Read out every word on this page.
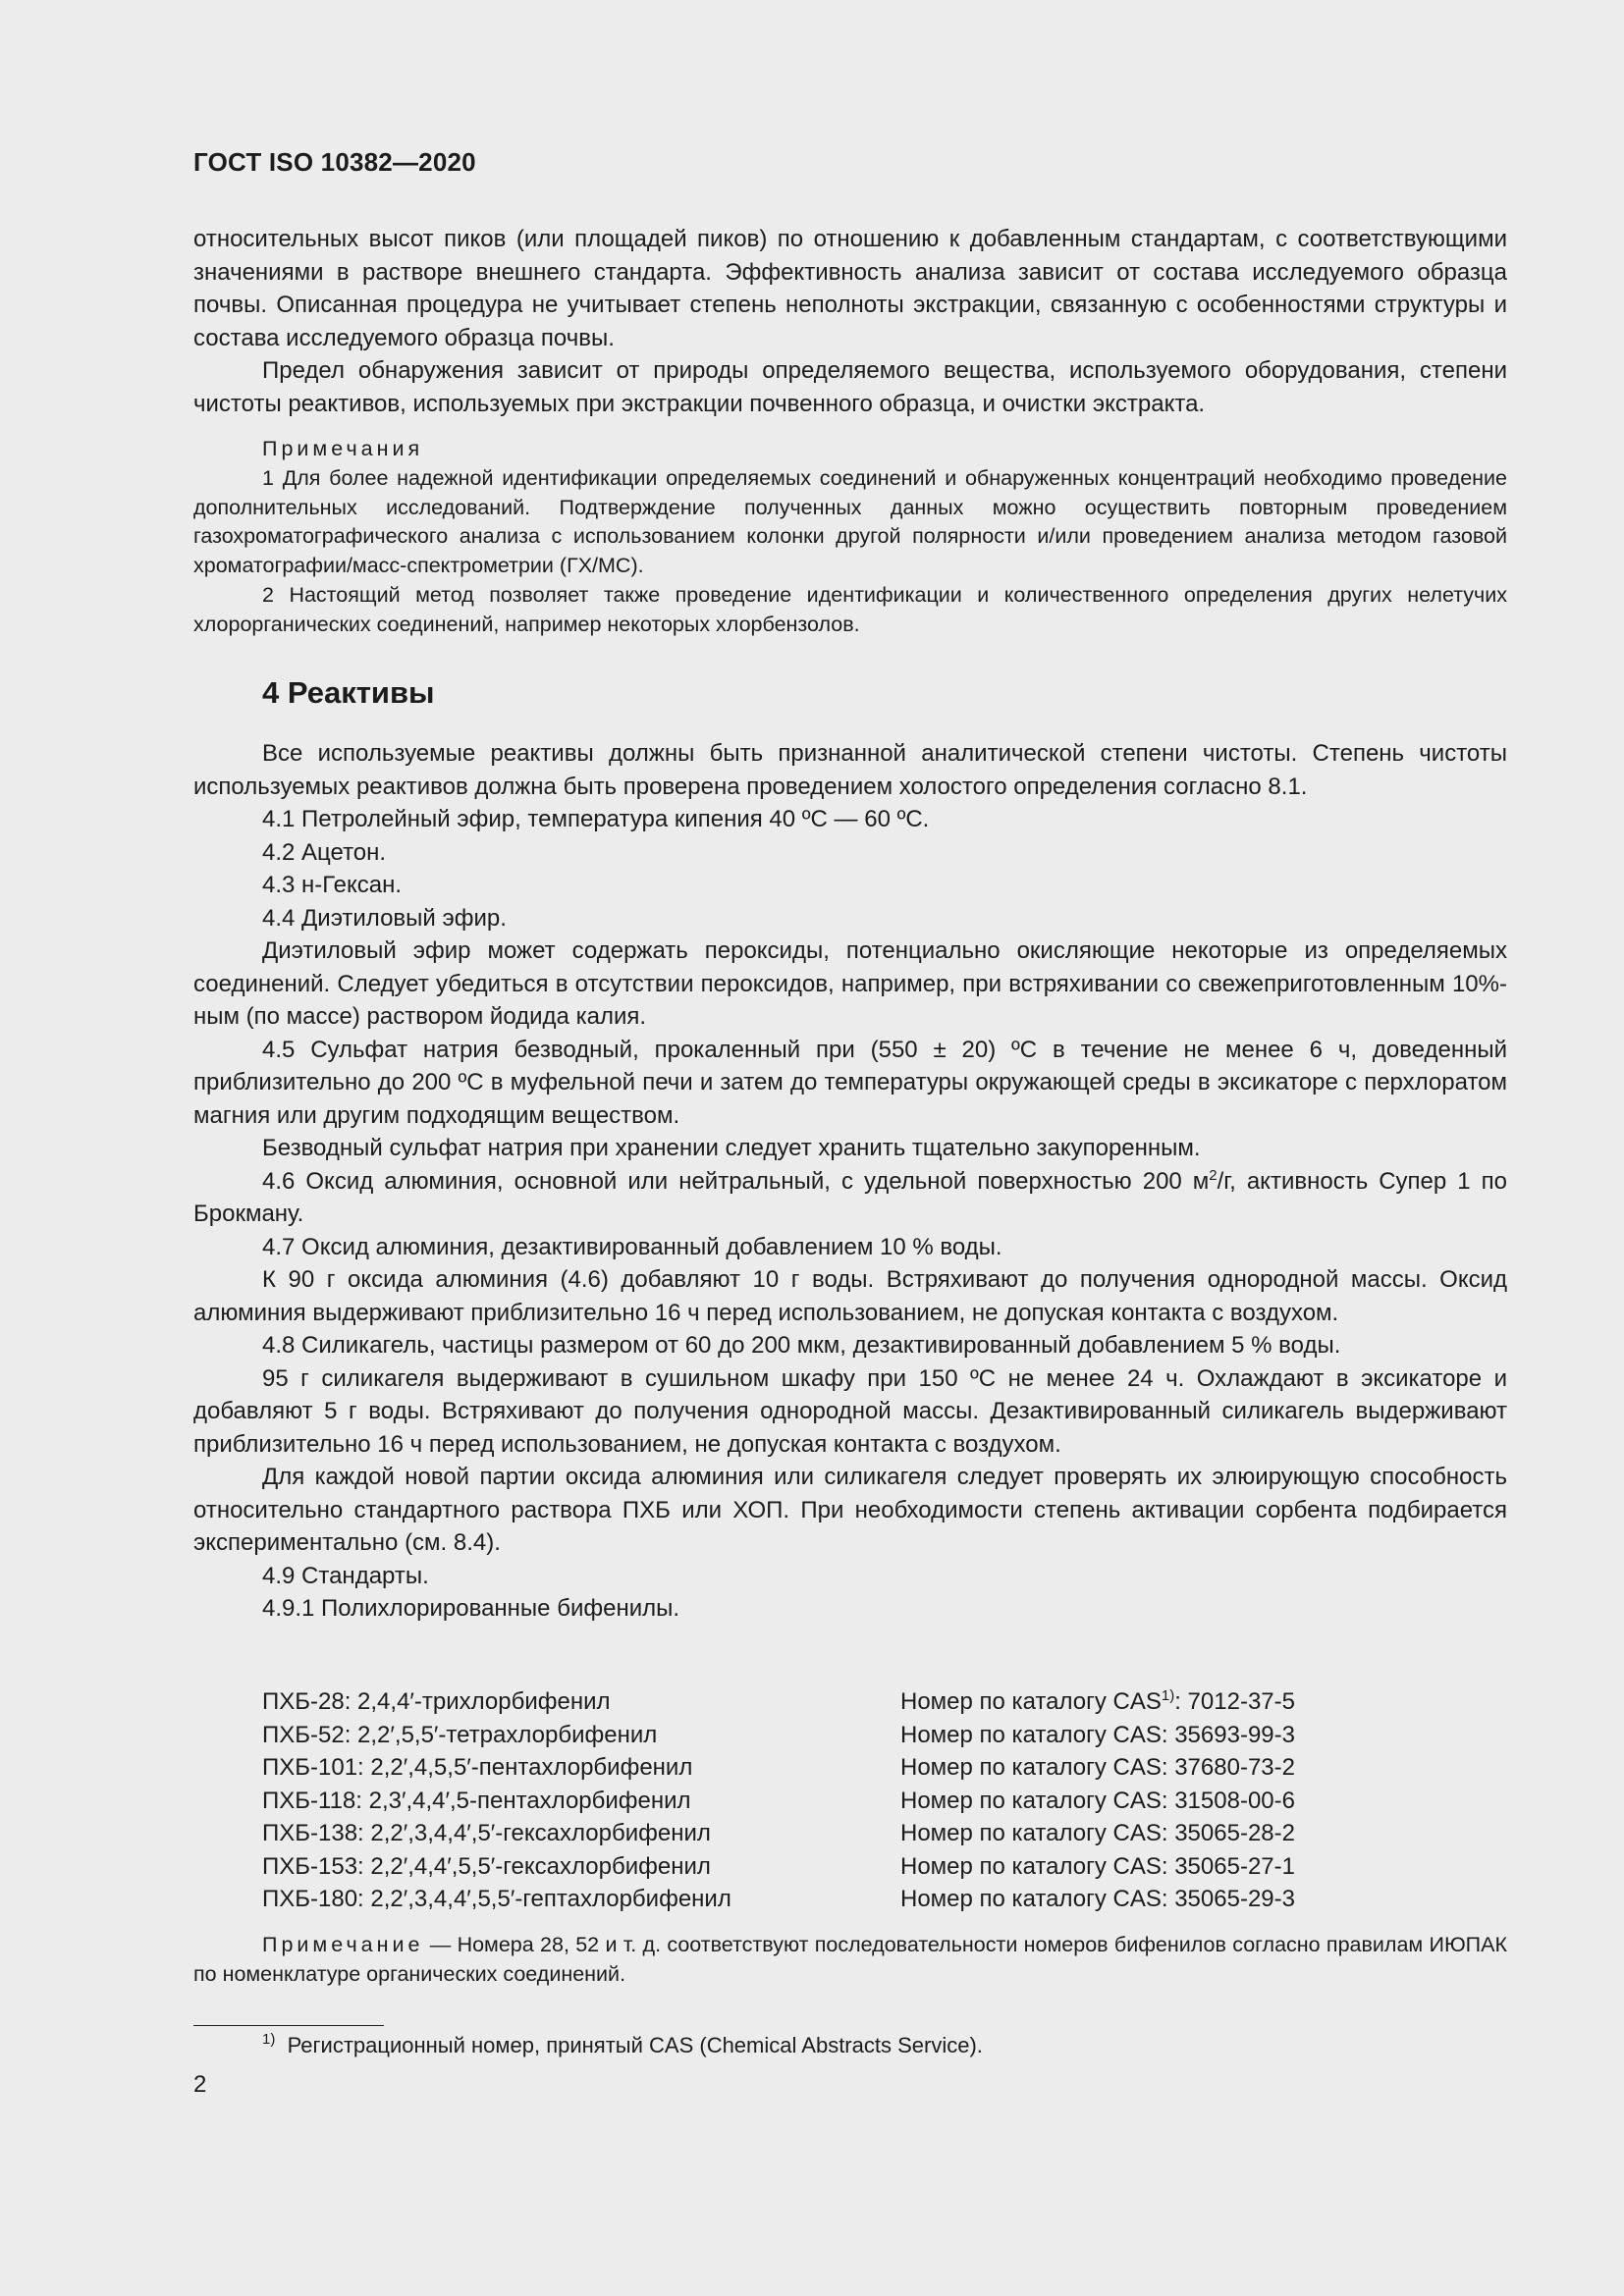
ГОСТ ISO 10382—2020

относительных высот пиков (или площадей пиков) по отношению к добавленным стандартам, с соответствующими значениями в растворе внешнего стандарта. Эффективность анализа зависит от состава исследуемого образца почвы. Описанная процедура не учитывает степень неполноты экстракции, связанную с особенностями структуры и состава исследуемого образца почвы.

Предел обнаружения зависит от природы определяемого вещества, используемого оборудования, степени чистоты реактивов, используемых при экстракции почвенного образца, и очистки экстракта.

Примечания

1 Для более надежной идентификации определяемых соединений и обнаруженных концентраций необходимо проведение дополнительных исследований. Подтверждение полученных данных можно осуществить повторным проведением газохроматографического анализа с использованием колонки другой полярности и/или проведением анализа методом газовой хроматографии/масс-спектрометрии (ГХ/МС).

2 Настоящий метод позволяет также проведение идентификации и количественного определения других нелетучих хлорорганических соединений, например некоторых хлорбензолов.

4 Реактивы

Все используемые реактивы должны быть признанной аналитической степени чистоты. Степень чистоты используемых реактивов должна быть проверена проведением холостого определения согласно 8.1.

4.1 Петролейный эфир, температура кипения 40 ºС — 60 ºС.

4.2 Ацетон.

4.3 н-Гексан.

4.4 Диэтиловый эфир.

Диэтиловый эфир может содержать пероксиды, потенциально окисляющие некоторые из определяемых соединений. Следует убедиться в отсутствии пероксидов, например, при встряхивании со свежеприготовленным 10%-ным (по массе) раствором йодида калия.

4.5 Сульфат натрия безводный, прокаленный при (550 ± 20) ºС в течение не менее 6 ч, доведенный приблизительно до 200 ºС в муфельной печи и затем до температуры окружающей среды в эксикаторе с перхлоратом магния или другим подходящим веществом.

Безводный сульфат натрия при хранении следует хранить тщательно закупоренным.

4.6 Оксид алюминия, основной или нейтральный, с удельной поверхностью 200 $м^2/г$, активность Супер 1 по Брокману.

4.7 Оксид алюминия, дезактивированный добавлением 10 % воды.

К 90 г оксида алюминия (4.6) добавляют 10 г воды. Встряхивают до получения однородной массы. Оксид алюминия выдерживают приблизительно 16 ч перед использованием, не допуская контакта с воздухом.

4.8 Силикагель, частицы размером от 60 до 200 мкм, дезактивированный добавлением 5 % воды.

95 г силикагеля выдерживают в сушильном шкафу при 150 ºС не менее 24 ч. Охлаждают в эксикаторе и добавляют 5 г воды. Встряхивают до получения однородной массы. Дезактивированный силикагель выдерживают приблизительно 16 ч перед использованием, не допуская контакта с воздухом.

Для каждой новой партии оксида алюминия или силикагеля следует проверять их элюирующую способность относительно стандартного раствора ПХБ или ХОП. При необходимости степень активации сорбента подбирается экспериментально (см. 8.4).

4.9 Стандарты.

4.9.1 Полихлорированные бифенилы.

ПХБ-28: 2,4,4′-трихлорбифенил	Номер по каталогу CAS$^{1)}$: 7012-37-5
ПХБ-52: 2,2′,5,5′-тетрахлорбифенил	Номер по каталогу CAS: 35693-99-3
ПХБ-101: 2,2′,4,5,5′-пентахлорбифенил	Номер по каталогу CAS: 37680-73-2
ПХБ-118: 2,3′,4,4′,5-пентахлорбифенил	Номер по каталогу CAS: 31508-00-6
ПХБ-138: 2,2′,3,4,4′,5′-гексахлорбифенил	Номер по каталогу CAS: 35065-28-2
ПХБ-153: 2,2′,4,4′,5,5′-гексахлорбифенил	Номер по каталогу CAS: 35065-27-1
ПХБ-180: 2,2′,3,4,4′,5,5′-гептахлорбифенил	Номер по каталогу CAS: 35065-29-3

Примечание — Номера 28, 52 и т. д. соответствуют последовательности номеров бифенилов согласно правилам ИЮПАК по номенклатуре органических соединений.

$^{1)}$ Регистрационный номер, принятый CAS (Chemical Abstracts Service).
2
